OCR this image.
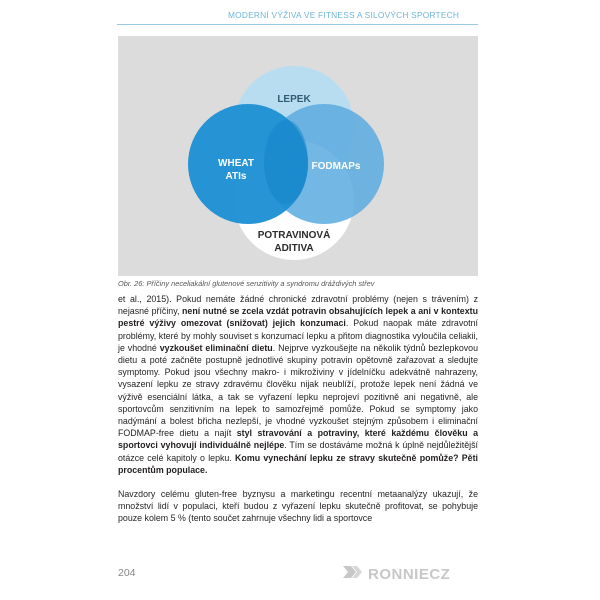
MODERNÍ VÝŽIVA VE FITNESS A SILOVÝCH SPORTECH
LEPEK
WHEAT
ATIs
FODMAPs
POTRAVINOVÁ
ADITIVA
Obr. 26: Příčiny neceliakální glutenové senzitivity a syndromu dráždivých střev

et al., 2015). Pokud nemáte žádné chronické zdravotní problémy (nejen s trávením) z nejasné příčiny, není nutné se zcela vzdát potravin obsahujících lepek a ani v kontextu pestré výživy omezovat (snižovat) jejich konzumaci. Pokud naopak máte zdravotní problémy, které by mohly souviset s konzumací lepku a přitom diagnostika vyloučila celiakii, je vhodné vyzkoušet eliminační dietu. Nejprve vyzkoušejte na několik týdnů bezlepkovou dietu a poté začněte postupně jednotlivé skupiny potravin opětovně zařazovat a sledujte symptomy. Pokud jsou všechny makro- i mikroživiny v jídelníčku adekvátně nahrazeny, vysazení lepku ze stravy zdravému člověku nijak neublíží, protože lepek není žádná ve výživě esenciální látka, a tak se vyřazení lepku neprojeví pozitivně ani negativně, ale sportovcům senzitivním na lepek to samozřejmě pomůže. Pokud se symptomy jako nadýmání a bolest břicha nezlepší, je vhodné vyzkoušet stejným způsobem i eliminační FODMAP-free dietu a najít styl stravování a potraviny, které každému člověku a sportovci vyhovují individuálně nejlépe. Tím se dostáváme možná k úplně nejdůležitější otázce celé kapitoly o lepku. Komu vynechání lepku ze stravy skutečně pomůže? Pěti procentům populace.

Navzdory celému gluten-free byznysu a marketingu recentní metaanalýzy ukazují, že množství lidí v populaci, kteří budou z vyřazení lepku skutečně profitovat, se pohybuje pouze kolem 5 % (tento součet zahrnuje všechny lidi a sportovce

204	RONNIECZ
